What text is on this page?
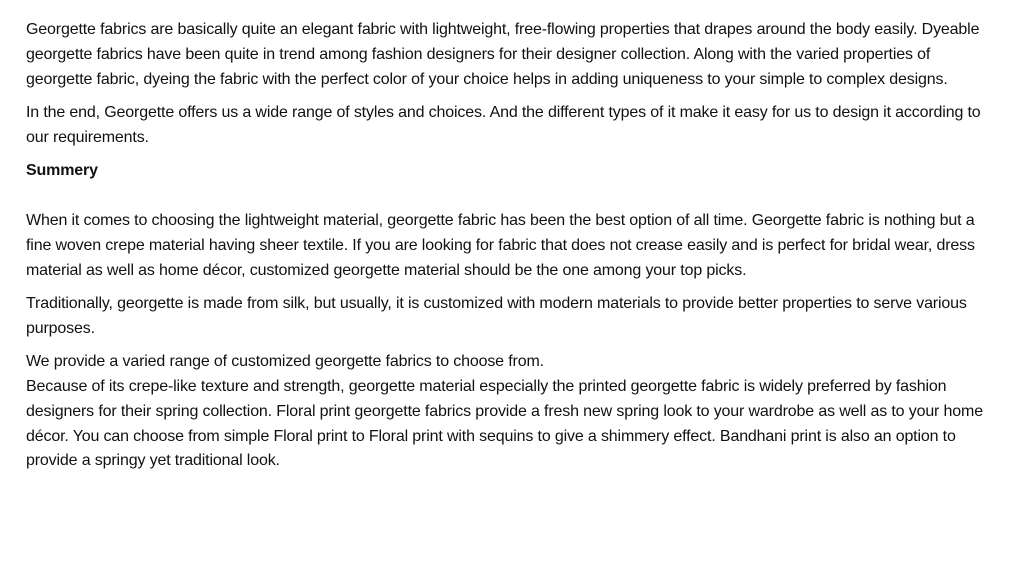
Georgette fabrics are basically quite an elegant fabric with lightweight, free-flowing properties that drapes around the body easily. Dyeable georgette fabrics have been quite in trend among fashion designers for their designer collection. Along with the varied properties of georgette fabric, dyeing the fabric with the perfect color of your choice helps in adding uniqueness to your simple to complex designs.

In the end, Georgette offers us a wide range of styles and choices. And the different types of it make it easy for us to design it according to our requirements.

Summery

When it comes to choosing the lightweight material, georgette fabric has been the best option of all time. Georgette fabric is nothing but a fine woven crepe material having sheer textile. If you are looking for fabric that does not crease easily and is perfect for bridal wear, dress material as well as home décor, customized georgette material should be the one among your top picks.

Traditionally, georgette is made from silk, but usually, it is customized with modern materials to provide better properties to serve various purposes.

We provide a varied range of customized georgette fabrics to choose from.
Because of its crepe-like texture and strength, georgette material especially the printed georgette fabric is widely preferred by fashion designers for their spring collection. Floral print georgette fabrics provide a fresh new spring look to your wardrobe as well as to your home décor. You can choose from simple Floral print to Floral print with sequins to give a shimmery effect. Bandhani print is also an option to provide a springy yet traditional look.
